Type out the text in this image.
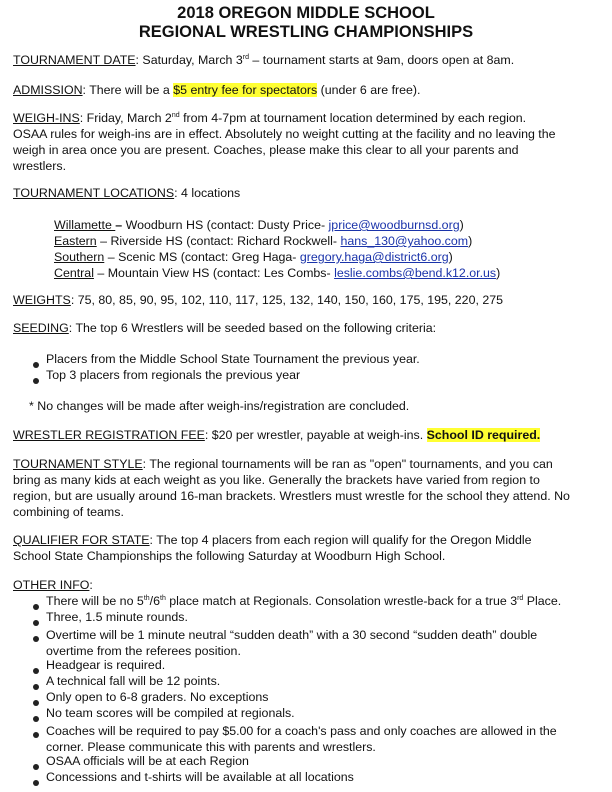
2018 OREGON MIDDLE SCHOOL
REGIONAL WRESTLING CHAMPIONSHIPS
TOURNAMENT DATE: Saturday, March 3rd – tournament starts at 9am, doors open at 8am.
ADMISSION: There will be a $5 entry fee for spectators (under 6 are free).
WEIGH-INS: Friday, March 2nd from 4-7pm at tournament location determined by each region.
OSAA rules for weigh-ins are in effect. Absolutely no weight cutting at the facility and no leaving the
weigh in area once you are present. Coaches, please make this clear to all your parents and
wrestlers.
TOURNAMENT LOCATIONS: 4 locations
Willamette – Woodburn HS (contact: Dusty Price- jprice@woodburnsd.org)
Eastern – Riverside HS (contact: Richard Rockwell- hans_130@yahoo.com)
Southern – Scenic MS (contact: Greg Haga- gregory.haga@district6.org)
Central – Mountain View HS (contact: Les Combs- leslie.combs@bend.k12.or.us)
WEIGHTS: 75, 80, 85, 90, 95, 102, 110, 117, 125, 132, 140, 150, 160, 175, 195, 220, 275
SEEDING: The top 6 Wrestlers will be seeded based on the following criteria:
Placers from the Middle School State Tournament the previous year.
Top 3 placers from regionals the previous year
* No changes will be made after weigh-ins/registration are concluded.
WRESTLER REGISTRATION FEE: $20 per wrestler, payable at weigh-ins. School ID required.
TOURNAMENT STYLE: The regional tournaments will be ran as "open" tournaments, and you can
bring as many kids at each weight as you like. Generally the brackets have varied from region to
region, but are usually around 16-man brackets. Wrestlers must wrestle for the school they attend. No
combining of teams.
QUALIFIER FOR STATE: The top 4 placers from each region will qualify for the Oregon Middle
School State Championships the following Saturday at Woodburn High School.
OTHER INFO:
There will be no 5th/6th place match at Regionals. Consolation wrestle-back for a true 3rd Place.
Three, 1.5 minute rounds.
Overtime will be 1 minute neutral “sudden death” with a 30 second “sudden death” double
overtime from the referees position.
Headgear is required.
A technical fall will be 12 points.
Only open to 6-8 graders. No exceptions
No team scores will be compiled at regionals.
Coaches will be required to pay $5.00 for a coach's pass and only coaches are allowed in the
corner. Please communicate this with parents and wrestlers.
OSAA officials will be at each Region
Concessions and t-shirts will be available at all locations
